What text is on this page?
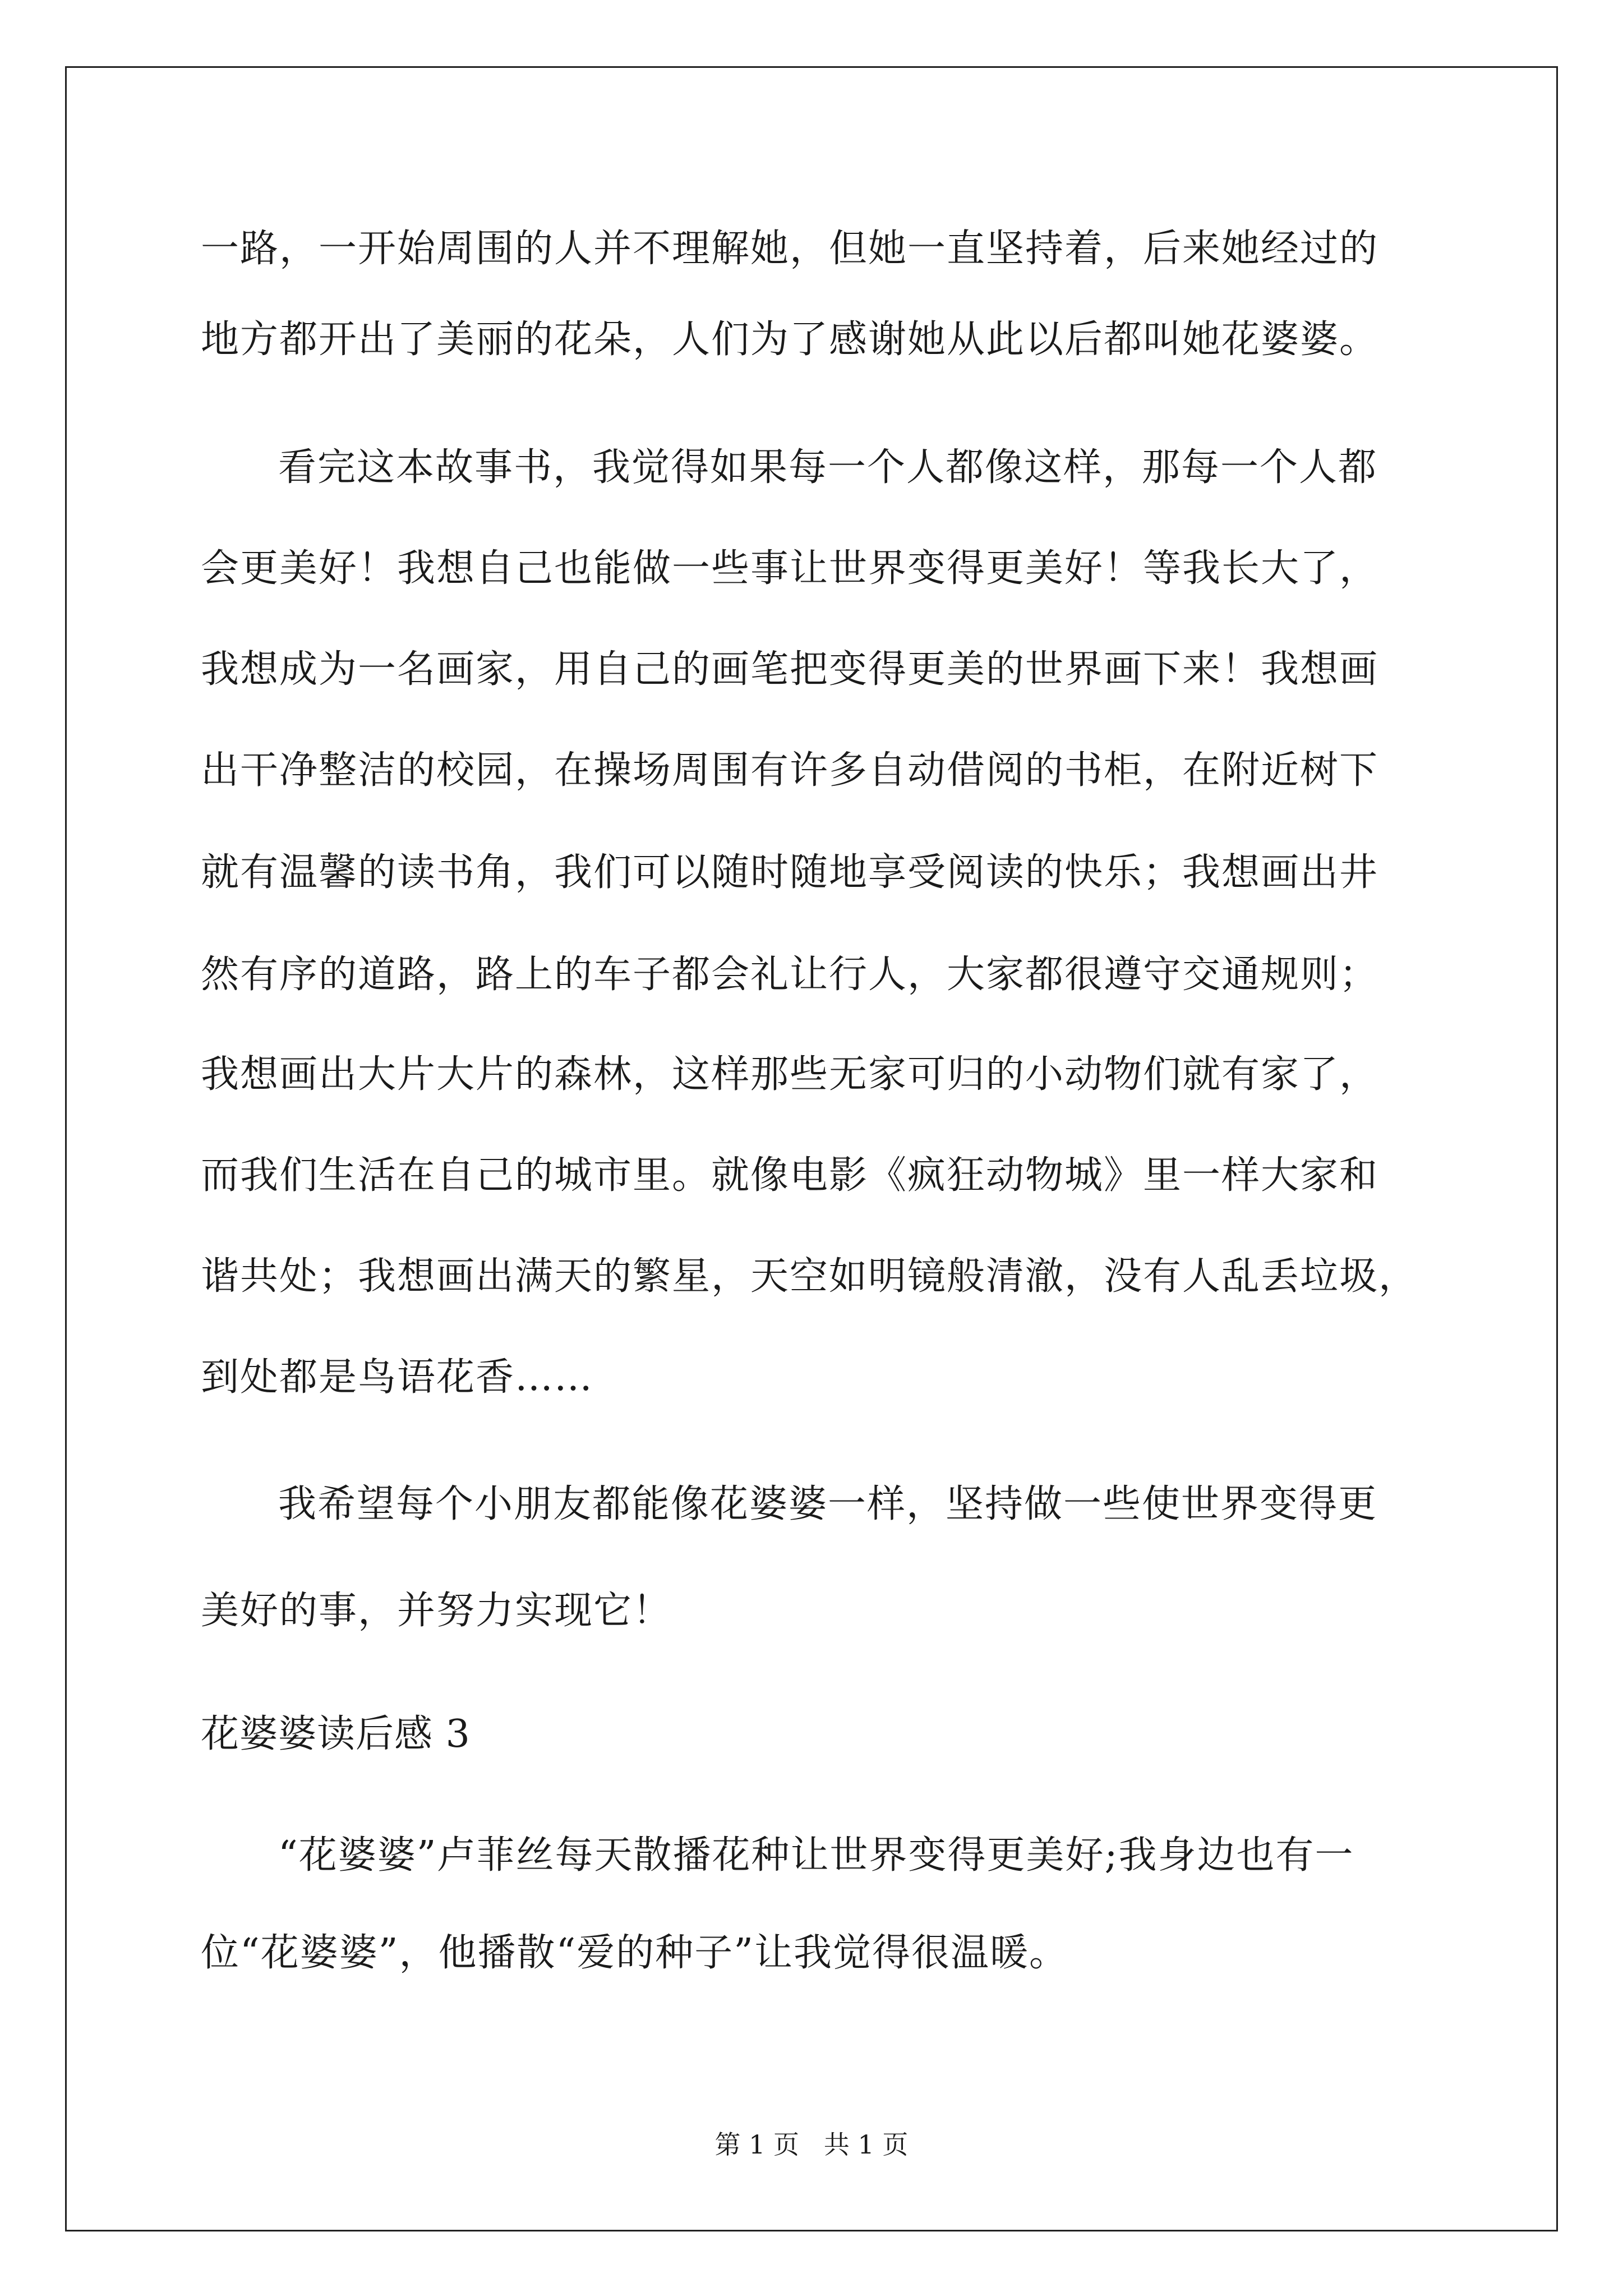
一路，一开始周围的人并不理解她，但她一直坚持着，后来她经过的
地方都开出了美丽的花朵，人们为了感谢她从此以后都叫她花婆婆。
看完这本故事书，我觉得如果每一个人都像这样，那每一个人都
会更美好！我想自己也能做一些事让世界变得更美好！等我长大了，
我想成为一名画家，用自己的画笔把变得更美的世界画下来！我想画
出干净整洁的校园，在操场周围有许多自动借阅的书柜，在附近树下
就有温馨的读书角，我们可以随时随地享受阅读的快乐；我想画出井
然有序的道路，路上的车子都会礼让行人，大家都很遵守交通规则；
我想画出大片大片的森林，这样那些无家可归的小动物们就有家了，
而我们生活在自己的城市里。就像电影《疯狂动物城》里一样大家和
谐共处；我想画出满天的繁星，天空如明镜般清澈，没有人乱丢垃圾，
到处都是鸟语花香……
我希望每个小朋友都能像花婆婆一样，坚持做一些使世界变得更
美好的事，并努力实现它！
花婆婆读后感 3
“花婆婆”卢菲丝每天散播花种让世界变得更美好;我身边也有一
位“花婆婆”，他播散“爱的种子”让我觉得很温暖。
第 1 页   共 1 页
